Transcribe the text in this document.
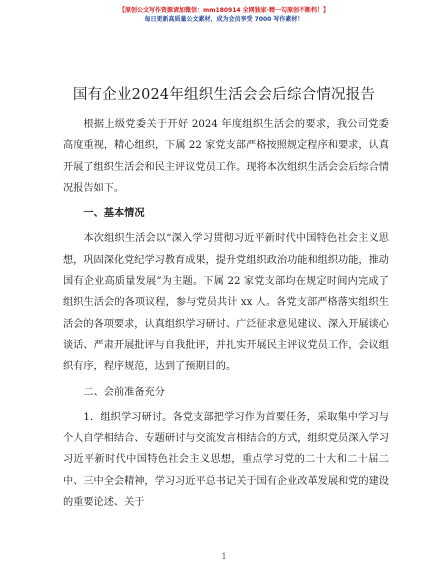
【原创公文写作资源请加微信：mm180914 全网独家·精一勾原创不断档！】
每日更新高质量公文素材，成为会员享受 7000 写作素材！
国有企业2024年组织生活会会后综合情况报告

根据上级党委关于开好 2024 年度组织生活会的要求，我公司党委高度重视，精心组织，下属 22 家党支部严格按照规定程序和要求，认真开展了组织生活会和民主评议党员工作。现将本次组织生活会会后综合情况报告如下。

一、基本情况

本次组织生活会以“深入学习贯彻习近平新时代中国特色社会主义思想，巩固深化党纪学习教育成果，提升党组织政治功能和组织功能，推动国有企业高质量发展”为主题。下属 22 家党支部均在规定时间内完成了组织生活会的各项议程，参与党员共计 xx 人。各党支部严格落实组织生活会的各项要求，认真组织学习研讨、广泛征求意见建议、深入开展谈心谈话、严肃开展批评与自我批评，并扎实开展民主评议党员工作，会议组织有序，程序规范，达到了预期目的。

二、会前准备充分

1．组织学习研讨。各党支部把学习作为首要任务，采取集中学习与个人自学相结合、专题研讨与交流发言相结合的方式，组织党员深入学习习近平新时代中国特色社会主义思想，重点学习党的二十大和二十届二中、三中全会精神，学习习近平总书记关于国有企业改革发展和党的建设的重要论述、关于

1
